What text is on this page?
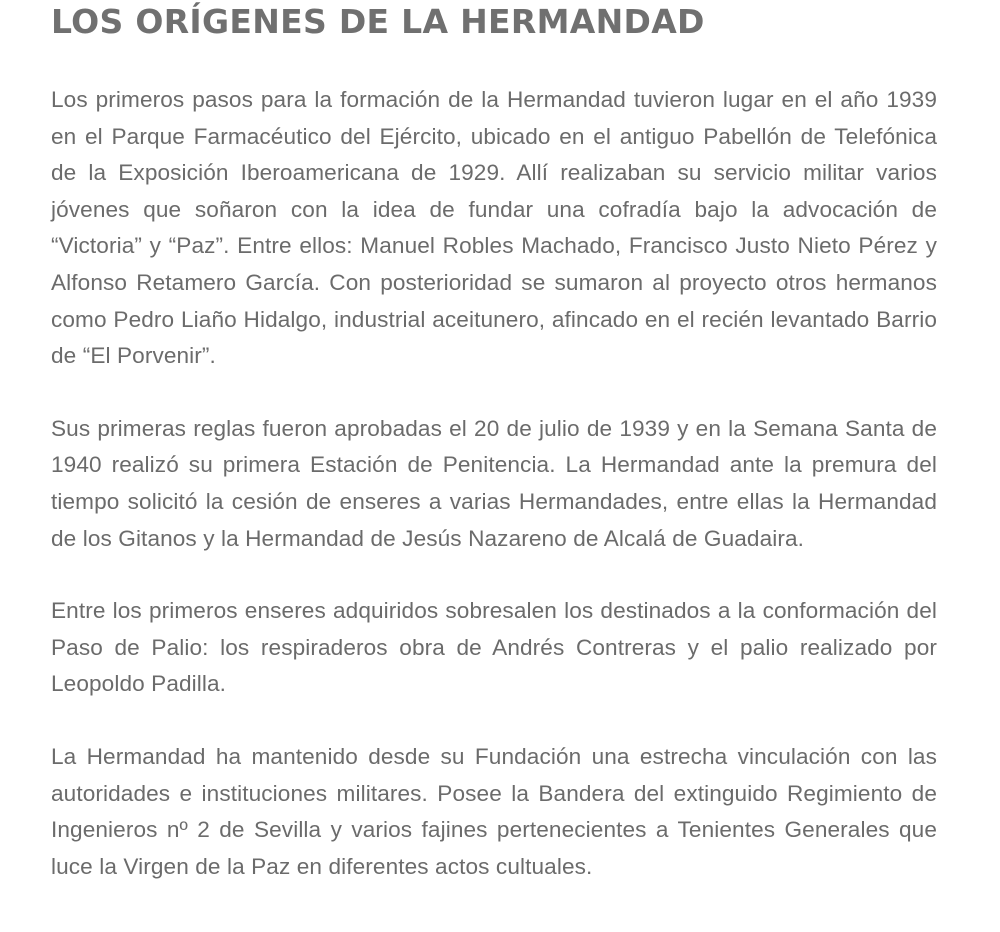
LOS ORÍGENES DE LA HERMANDAD

Los primeros pasos para la formación de la Hermandad tuvieron lugar en el año 1939 en el Parque Farmacéutico del Ejército, ubicado en el antiguo Pabellón de Telefónica de la Exposición Iberoamericana de 1929. Allí realizaban su servicio militar varios jóvenes que soñaron con la idea de fundar una cofradía bajo la advocación de “Victoria” y “Paz”. Entre ellos: Manuel Robles Machado, Francisco Justo Nieto Pérez y Alfonso Retamero García. Con posterioridad se sumaron al proyecto otros hermanos como Pedro Liaño Hidalgo, industrial aceitunero, afincado en el recién levantado Barrio de “El Porvenir”.

Sus primeras reglas fueron aprobadas el 20 de julio de 1939 y en la Semana Santa de 1940 realizó su primera Estación de Penitencia. La Hermandad ante la premura del tiempo solicitó la cesión de enseres a varias Hermandades, entre ellas la Hermandad de los Gitanos y la Hermandad de Jesús Nazareno de Alcalá de Guadaira.

Entre los primeros enseres adquiridos sobresalen los destinados a la conformación del Paso de Palio: los respiraderos obra de Andrés Contreras y el palio realizado por Leopoldo Padilla.

La Hermandad ha mantenido desde su Fundación una estrecha vinculación con las autoridades e instituciones militares. Posee la Bandera del extinguido Regimiento de Ingenieros nº 2 de Sevilla y varios fajines pertenecientes a Tenientes Generales que luce la Virgen de la Paz en diferentes actos cultuales.
